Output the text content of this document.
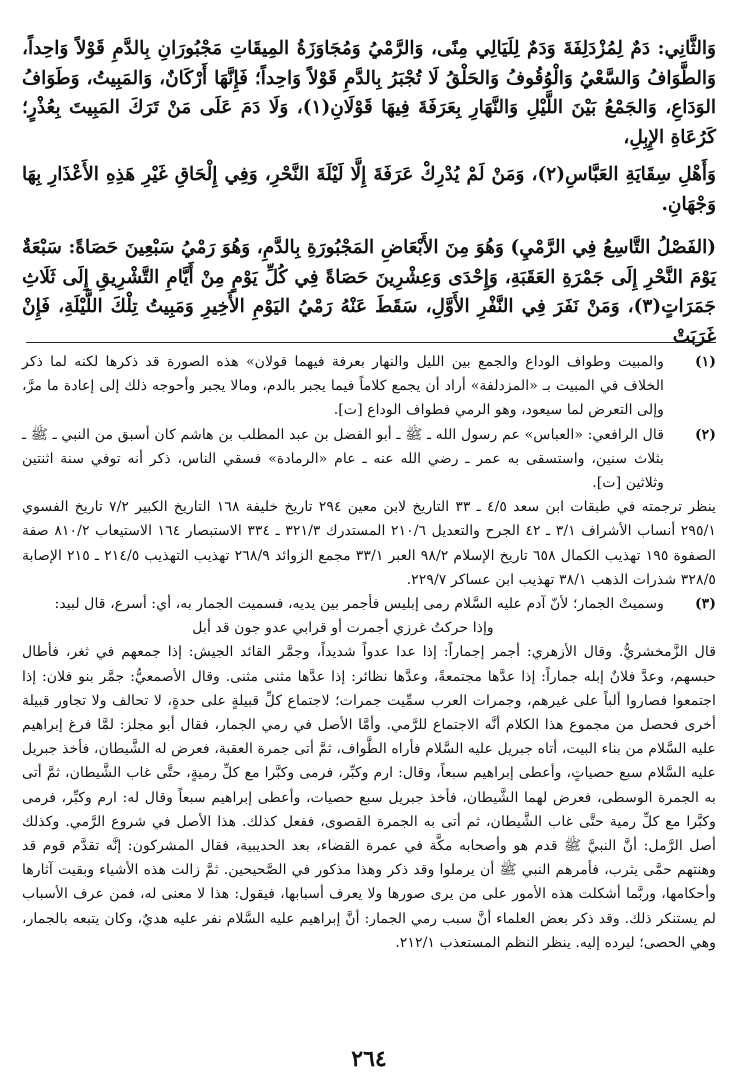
وَالثَّانِي: دَمٌ لِمُزْدَلِفَةَ وَدَمٌ لِلَيَالِي مِنًى، وَالرَّمْيُ وَمُجَاوَزَةُ المِيقَاتِ مَجْبُورَانِ بِالدَّمِ قَوْلاً وَاحِداً، وَالطَّوَافُ وَالسَّعْيُ وَالْوُقُوفُ وَالحَلْقُ لَا تُجْبَرُ بِالدَّمِ قَوْلاً وَاحِداً؛ فَإِنَّهَا أَرْكَانٌ، وَالمَبِيتُ، وَطَوَافُ الوَدَاعِ، وَالجَمْعُ بَيْنَ اللَّيْلِ وَالنَّهَارِ بِعَرَفَةَ فِيهَا قَوْلَانِ(١)، وَلَا دَمَ عَلَى مَنْ تَرَكَ المَبِيتَ بِعُذْرٍ؛ كَرُعَاةِ الإِبِلِ،

وَأَهْلِ سِقَايَةِ العَبَّاسِ(٢)، وَمَنْ لَمْ يُدْرِكْ عَرَفَةَ إِلَّا لَيْلَةَ النَّحْرِ، وَفِي إِلْحَاقِ غَيْرِ هَذِهِ الأَعْذَارِ بِهَا وَجْهَانِ.

(الفَصْلُ التَّاسِعُ فِي الرَّمْيِ) وَهُوَ مِنَ الأَبْعَاضِ المَجْبُورَةِ بِالدَّمِ، وَهُوَ رَمْيُ سَبْعِينَ حَصَاةً: سَبْعَةٌ يَوْمَ النَّحْرِ إِلَى جَمْرَةِ العَقَبَةِ، وَإِحْدَى وَعِشْرِينَ حَصَاةً فِي كُلِّ يَوْمٍ مِنْ أَيَّامِ التَّشْرِيقِ إِلَى ثَلَاثِ جَمَرَاتٍ(٣)، وَمَنْ نَفَرَ فِي النَّفْرِ الأَوَّلِ، سَقَطَ عَنْهُ رَمْيُ اليَوْمِ الأَخِيرِ وَمَبِيتُ تِلْكَ اللَّيْلَةِ، فَإِنْ غَرَبَتْ

(١)

والمبيت وطواف الوداع والجمع بين الليل والنهار بعرفة فيهما قولان» هذه الصورة قد ذكرها لكنه لما ذكر الخلاف في المبيت بـ «المزدلفة» أراد أن يجمع كلاماً فيما يجبر بالدم، ومالا يجبر وأحوجه ذلك إلى إعادة ما مرَّ، وإلى التعرض لما سيعود، وهو الرمي فطواف الوداع [ت].

(٢)

قال الرافعي: «العباس» عم رسول الله ـ ﷺ ـ أبو الفضل بن عبد المطلب بن هاشم كان أسبق من النبي ـ ﷺ ـ بثلاث سنين، واستسقى به عمر ـ رضي الله عنه ـ عام «الرمادة» فسقي الناس، ذكر أنه توفي سنة اثنتين وثلاثين [ت].

ينظر ترجمته في طبقات ابن سعد ٤/٥ ـ ٣٣ التاريخ لابن معين ٢٩٤ تاريخ خليفة ١٦٨ التاريخ الكبير ٧/٢ تاريخ الفسوي ٢٩٥/١ أنساب الأشراف ٣/١ ـ ٤٢ الجرح والتعديل ٢١٠/٦ المستدرك ٣٢١/٣ ـ ٣٣٤ الاستبصار ١٦٤ الاستيعاب ٨١٠/٢ صفة الصفوة ١٩٥ تهذيب الكمال ٦٥٨ تاريخ الإسلام ٩٨/٢ العبر ٣٣/١ مجمع الزوائد ٢٦٨/٩ تهذيب التهذيب ٢١٤/٥ ـ ٢١٥ الإصابة ٣٢٨/٥ شذرات الذهب ٣٨/١ تهذيب ابن عساكر ٢٢٩/٧.

(٣)

وسميتْ الجمار؛ لأنّ آدم عليه السَّلام رمى إبليس فأجمر بين يديه، فسميت الجمار به، أي: أسرع، قال لبيد:

وإذا حركتُ غرزي أجمرت أو قرابي عدو جون قد أبل

قال الزَّمخشريُّ. وقال الأزهري: أجمر إجماراً: إذا عدا عدواً شديداً، وجمَّر القائد الجيش: إذا جمعهم في ثغر، فأطال حبسهم، وعدَّ فلانٌ إبله جماراً: إذا عدَّها مجتمعةً، وعدَّها نظائر: إذا عدَّها مثنى مثنى. وقال الأصمعيُّ: جمَّر بنو فلان: إذا اجتمعوا فصاروا ألباً على غيرهم، وجمرات العرب سمِّيت جمرات؛ لاجتماع كلِّ قبيلةٍ على حدةٍ، لا تحالف ولا تجاور قبيلة أخرى فحصل من مجموع هذا الكلام أنَّه الاجتماع للرَّمي. وأمَّا الأصل في رمي الجمار، فقال أبو مجلز: لمَّا فرغ إبراهيم عليه السَّلام من بناء البيت، أتاه جبريل عليه السَّلام فأراه الطَّواف، ثمَّ أتى جمرة العقبة، فعرض له الشَّيطان، فأخذ جبريل عليه السَّلام سبع حصياتٍ، وأعطى إبراهيم سبعاً، وقال: ارم وكبِّر، فرمى وكبَّرا مع كلِّ رميةٍ، حتَّى غاب الشَّيطان، ثمَّ أتى به الجمرة الوسطى، فعرض لهما الشَّيطان، فأخذ جبريل سبع حصيات، وأعطى إبراهيم سبعاً وقال له: ارم وكبِّر، فرمى وكبَّرا مع كلِّ رمية حتَّى غاب الشَّيطان، ثم أتى به الجمرة القصوى، ففعل كذلك. هذا الأصل في شروع الرَّمي. وكذلك أصل الرَّمل: أنَّ النبيَّ ﷺ قدم هو وأصحابه مكَّة في عمرة القضاء، بعد الحديبية، فقال المشركون: إنَّه تقدَّم قوم قد وهنتهم حمَّى يثرب، فأمرهم النبي ﷺ أن يرملوا وقد ذكر وهذا مذكور في الصَّحيحين. ثمَّ زالت هذه الأشياء وبقيت آثارها وأحكامها، وربَّما أشكلت هذه الأمور على من يرى صورها ولا يعرف أسبابها، فيقول: هذا لا معنى له، فمن عرف الأسباب لم يستنكر ذلك. وقد ذكر بعض العلماء أنَّ سبب رمي الجمار: أنَّ إبراهيم عليه السَّلام نفر عليه هديٌ، وكان يتبعه بالجمار، وهي الحصى؛ ليرده إليه. ينظر النظم المستعذب ٢١٢/١.

٢٦٤
